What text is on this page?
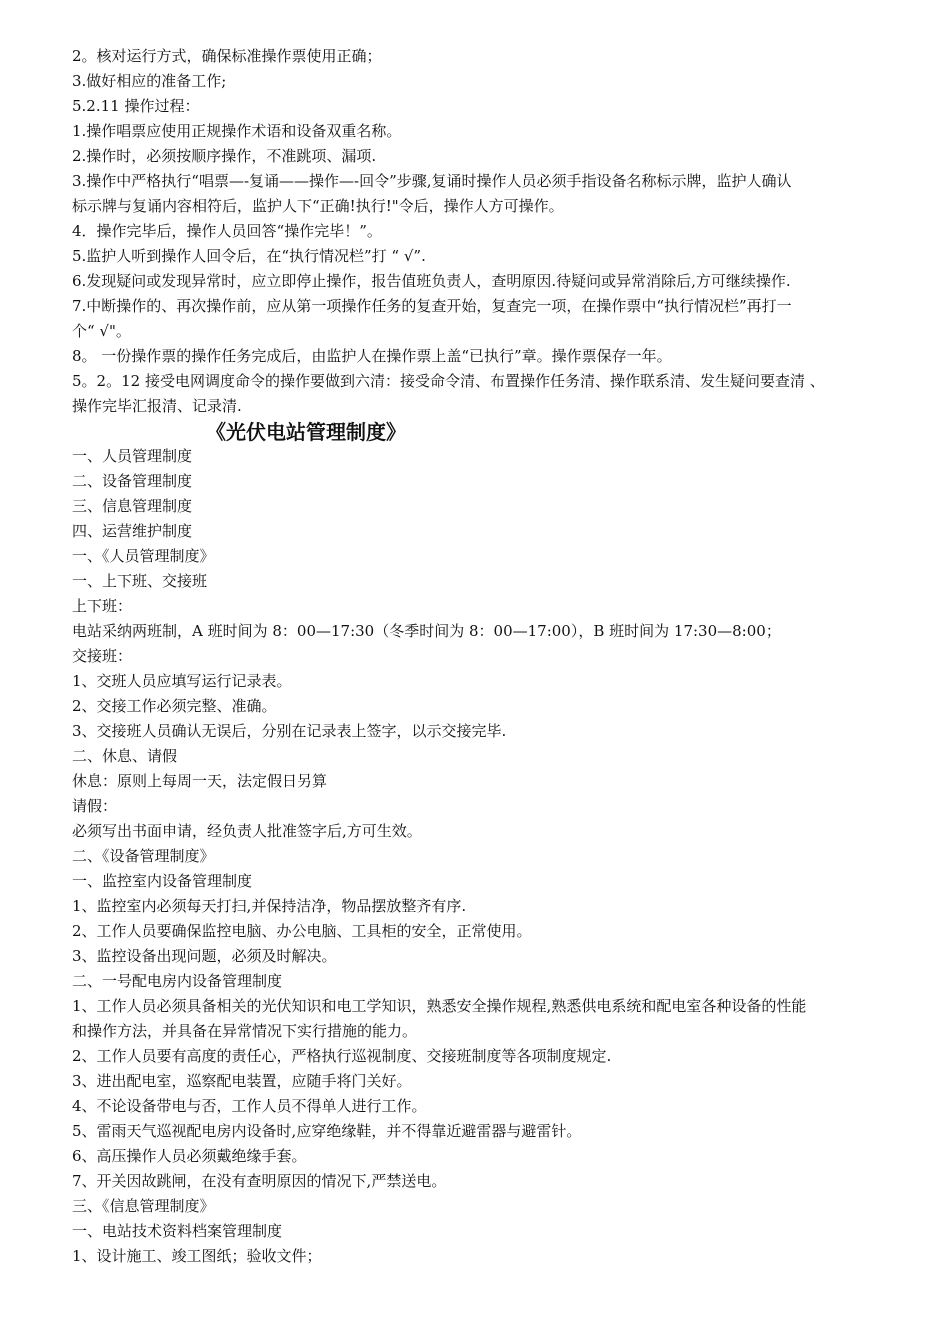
2。核对运行方式，确保标准操作票使用正确；
3.做好相应的准备工作;
5.2.11 操作过程：
1.操作唱票应使用正规操作术语和设备双重名称。
2.操作时，必须按顺序操作，不准跳项、漏项.
3.操作中严格执行“唱票—-复诵——操作—-回令”步骤,复诵时操作人员必须手指设备名称标示牌，监护人确认
标示牌与复诵内容相符后，监护人下“正确!执行!"令后，操作人方可操作。
4．操作完毕后，操作人员回答“操作完毕！”。
5.监护人听到操作人回令后，在“执行情况栏”打 “ √”.
6.发现疑问或发现异常时，应立即停止操作，报告值班负责人，查明原因.待疑问或异常消除后,方可继续操作.
7.中断操作的、再次操作前，应从第一项操作任务的复查开始，复查完一项，在操作票中“执行情况栏”再打一
个“ √"。
8。 一份操作票的操作任务完成后，由监护人在操作票上盖“已执行”章。操作票保存一年。
5。2。12 接受电网调度命令的操作要做到六清：接受命令清、布置操作任务清、操作联系清、发生疑问要查清 、
操作完毕汇报清、记录清.
《光伏电站管理制度》
一、人员管理制度
二、设备管理制度
三、信息管理制度
四、运营维护制度
一、《人员管理制度》
一、上下班、交接班
上下班：
电站采纳两班制，A 班时间为 8：00—17:30（冬季时间为 8：00—17:00），B 班时间为 17:30—8:00；
交接班：
1、交班人员应填写运行记录表。
2、交接工作必须完整、准确。
3、交接班人员确认无误后，分别在记录表上签字，以示交接完毕.
二、休息、请假
休息：原则上每周一天，法定假日另算
请假：
必须写出书面申请，经负责人批准签字后,方可生效。
二、《设备管理制度》
一、监控室内设备管理制度
1、监控室内必须每天打扫,并保持洁净，物品摆放整齐有序.
2、工作人员要确保监控电脑、办公电脑、工具柜的安全，正常使用。
3、监控设备出现问题，必须及时解决。
二、一号配电房内设备管理制度
1、工作人员必须具备相关的光伏知识和电工学知识，熟悉安全操作规程,熟悉供电系统和配电室各种设备的性能
和操作方法，并具备在异常情况下实行措施的能力。
2、工作人员要有高度的责任心，严格执行巡视制度、交接班制度等各项制度规定.
3、进出配电室，巡察配电装置，应随手将门关好。
4、不论设备带电与否，工作人员不得单人进行工作。
5、雷雨天气巡视配电房内设备时,应穿绝缘鞋，并不得靠近避雷器与避雷针。
6、高压操作人员必须戴绝缘手套。
7、开关因故跳闸，在没有查明原因的情况下,严禁送电。
三、《信息管理制度》
一、电站技术资料档案管理制度
1、设计施工、竣工图纸；验收文件；
